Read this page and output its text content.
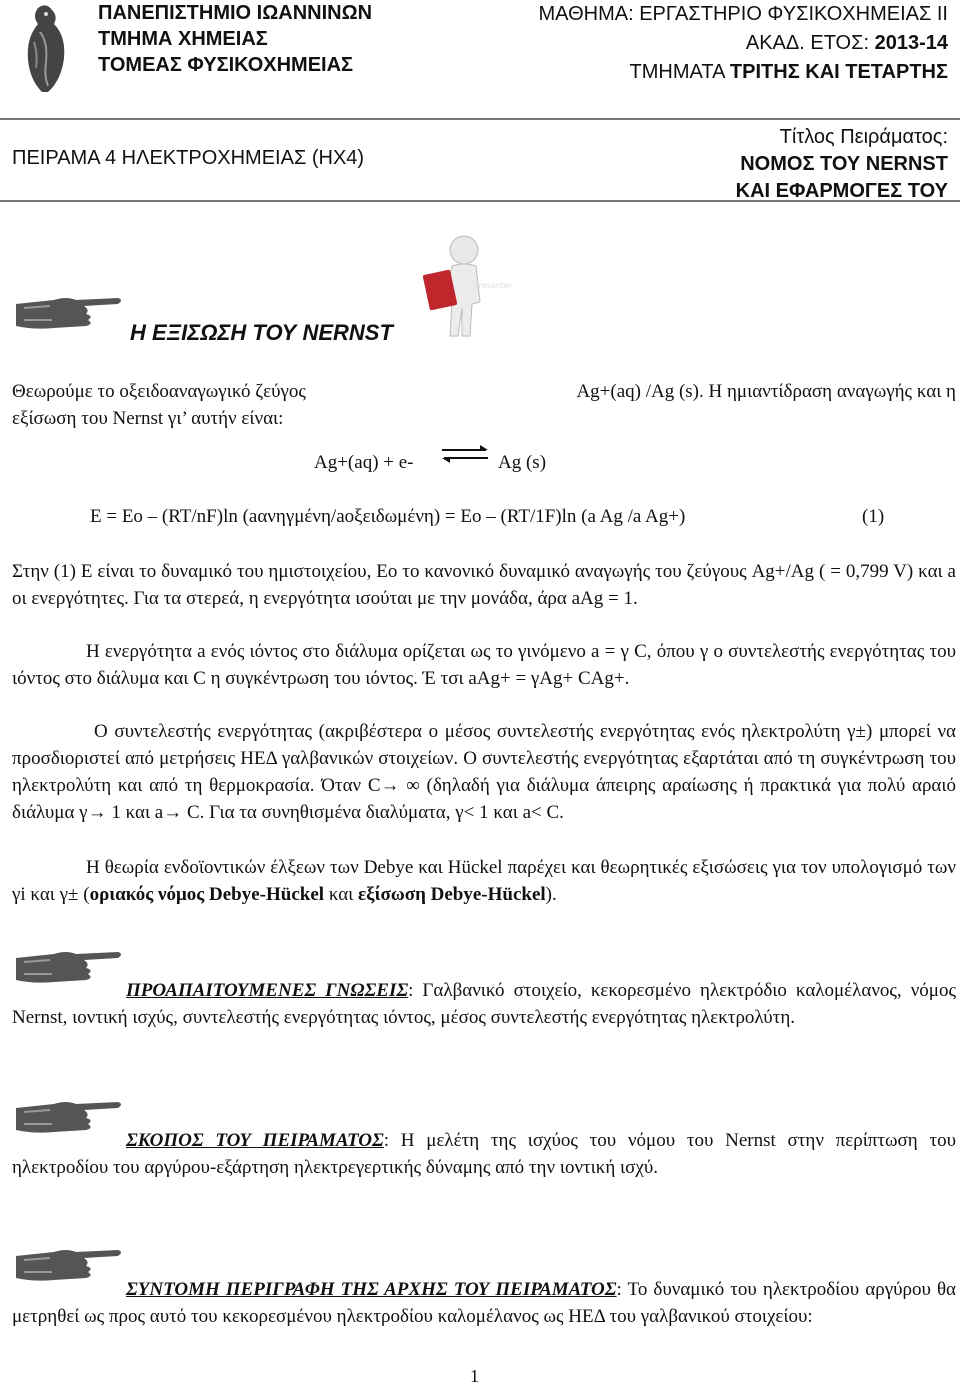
ΠΑΝΕΠΙΣΤΗΜΙΟ ΙΩΑΝΝΙΝΩΝ
ΤΜΗΜΑ ΧΗΜΕΙΑΣ
ΤΟΜΕΑΣ ΦΥΣΙΚΟΧΗΜΕΙΑΣ
ΜΑΘΗΜΑ: ΕΡΓΑΣΤΗΡΙΟ ΦΥΣΙΚΟΧΗΜΕΙΑΣ ΙΙ
ΑΚΑΔ. ΕΤΟΣ: 2013-14
ΤΜΗΜΑΤΑ ΤΡΙΤΗΣ ΚΑΙ ΤΕΤΑΡΤΗΣ
ΠΕΙΡΑΜΑ 4 ΗΛΕΚΤΡΟΧΗΜΕΙΑΣ (ΗΧ4)
Τίτλος Πειράματος:
ΝΟΜΟΣ ΤΟΥ NERNST
ΚΑΙ ΕΦΑΡΜΟΓΕΣ ΤΟΥ
Presenter
Η ΕΞΙΣΩΣΗ ΤΟΥ NERNST
Θεωρούμε το οξειδοαναγωγικό ζεύγος	Ag+(aq) /Ag (s). Η ημιαντίδραση αναγωγής και η
εξίσωση του Nernst γι’ αυτήν είναι:
Ag+(aq) + e- ⇌ Ag (s)
E = Eo – (RT/nF)ln (aανηγμένη/aοξειδωμένη) = Eo – (RT/1F)ln (a Ag /a Ag+)	(1)
Στην (1) E είναι το δυναμικό του ημιστοιχείου, Eo το κανονικό δυναμικό αναγωγής του ζεύγους Ag+/Ag ( = 0,799 V) και a οι ενεργότητες. Για τα στερεά, η ενεργότητα ισούται με την μονάδα, άρα aAg = 1.
Η ενεργότητα a ενός ιόντος στο διάλυμα ορίζεται ως το γινόμενο a = γ C, όπου γ ο συντελεστής ενεργότητας του ιόντος στο διάλυμα και C η συγκέντρωση του ιόντος. Έ τσι aAg+ = γAg+ CAg+.
Ο συντελεστής ενεργότητας (ακριβέστερα ο μέσος συντελεστής ενεργότητας ενός ηλεκτρολύτη γ±) μπορεί να προσδιοριστεί από μετρήσεις ΗΕΔ γαλβανικών στοιχείων. Ο συντελεστής ενεργότητας εξαρτάται από τη συγκέντρωση του ηλεκτρολύτη και από τη θερμοκρασία. Όταν C→ ∞ (δηλαδή για διάλυμα άπειρης αραίωσης ή πρακτικά για πολύ αραιό διάλυμα γ→ 1 και a→ C. Για τα συνηθισμένα διαλύματα, γ< 1 και a< C.
Η θεωρία ενδοϊοντικών έλξεων των Debye και Hückel παρέχει και θεωρητικές εξισώσεις για τον υπολογισμό των γi και γ± (οριακός νόμος Debye-Hückel και εξίσωση Debye-Hückel).
ΠΡΟΑΠΑΙΤΟΥΜΕΝΕΣ ΓΝΩΣΕΙΣ: Γαλβανικό στοιχείο, κεκορεσμένο ηλεκτρόδιο καλομέλανος, νόμος Nernst, ιοντική ισχύς, συντελεστής ενεργότητας ιόντος, μέσος συντελεστής ενεργότητας ηλεκτρολύτη.
ΣΚΟΠΟΣ ΤΟΥ ΠΕΙΡΑΜΑΤΟΣ: Η μελέτη της ισχύος του νόμου του Nernst στην περίπτωση του ηλεκτροδίου του αργύρου-εξάρτηση ηλεκτρεγερτικής δύναμης από την ιοντική ισχύ.
ΣΥΝΤΟΜΗ ΠΕΡΙΓΡΑΦΗ ΤΗΣ ΑΡΧΗΣ ΤΟΥ ΠΕΙΡΑΜΑΤΟΣ: Το δυναμικό του ηλεκτροδίου αργύρου θα μετρηθεί ως προς αυτό του κεκορεσμένου ηλεκτροδίου καλομέλανος ως ΗΕΔ του γαλβανικού στοιχείου:
1
